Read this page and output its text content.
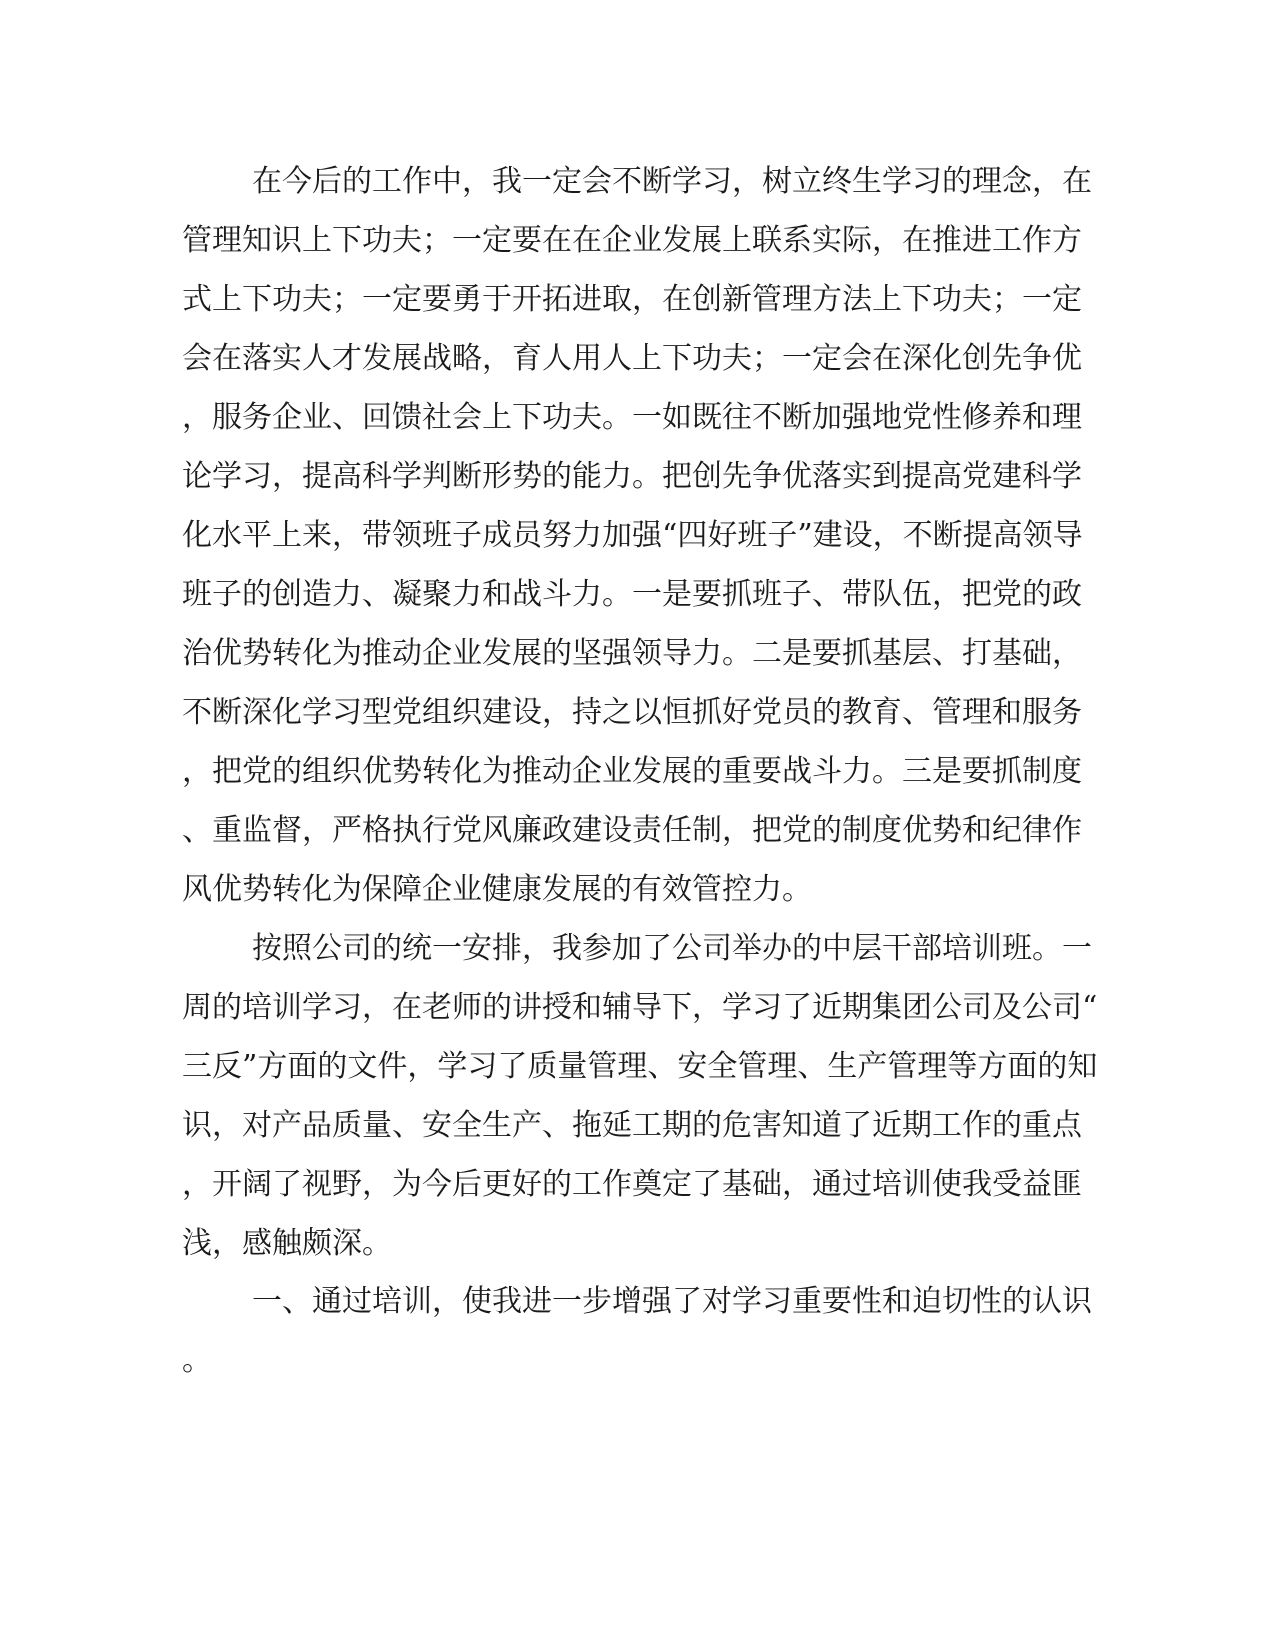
在今后的工作中，我一定会不断学习，树立终生学习的理念，在
管理知识上下功夫；一定要在在企业发展上联系实际，在推进工作方
式上下功夫；一定要勇于开拓进取，在创新管理方法上下功夫；一定
会在落实人才发展战略，育人用人上下功夫；一定会在深化创先争优
，服务企业、回馈社会上下功夫。一如既往不断加强地党性修养和理
论学习，提高科学判断形势的能力。把创先争优落实到提高党建科学
化水平上来，带领班子成员努力加强“四好班子”建设，不断提高领导
班子的创造力、凝聚力和战斗力。一是要抓班子、带队伍，把党的政
治优势转化为推动企业发展的坚强领导力。二是要抓基层、打基础，
不断深化学习型党组织建设，持之以恒抓好党员的教育、管理和服务
，把党的组织优势转化为推动企业发展的重要战斗力。三是要抓制度
、重监督，严格执行党风廉政建设责任制，把党的制度优势和纪律作
风优势转化为保障企业健康发展的有效管控力。
按照公司的统一安排，我参加了公司举办的中层干部培训班。一
周的培训学习，在老师的讲授和辅导下，学习了近期集团公司及公司“
三反”方面的文件，学习了质量管理、安全管理、生产管理等方面的知
识，对产品质量、安全生产、拖延工期的危害知道了近期工作的重点
，开阔了视野，为今后更好的工作奠定了基础，通过培训使我受益匪
浅，感触颇深。
一、通过培训，使我进一步增强了对学习重要性和迫切性的认识
。
